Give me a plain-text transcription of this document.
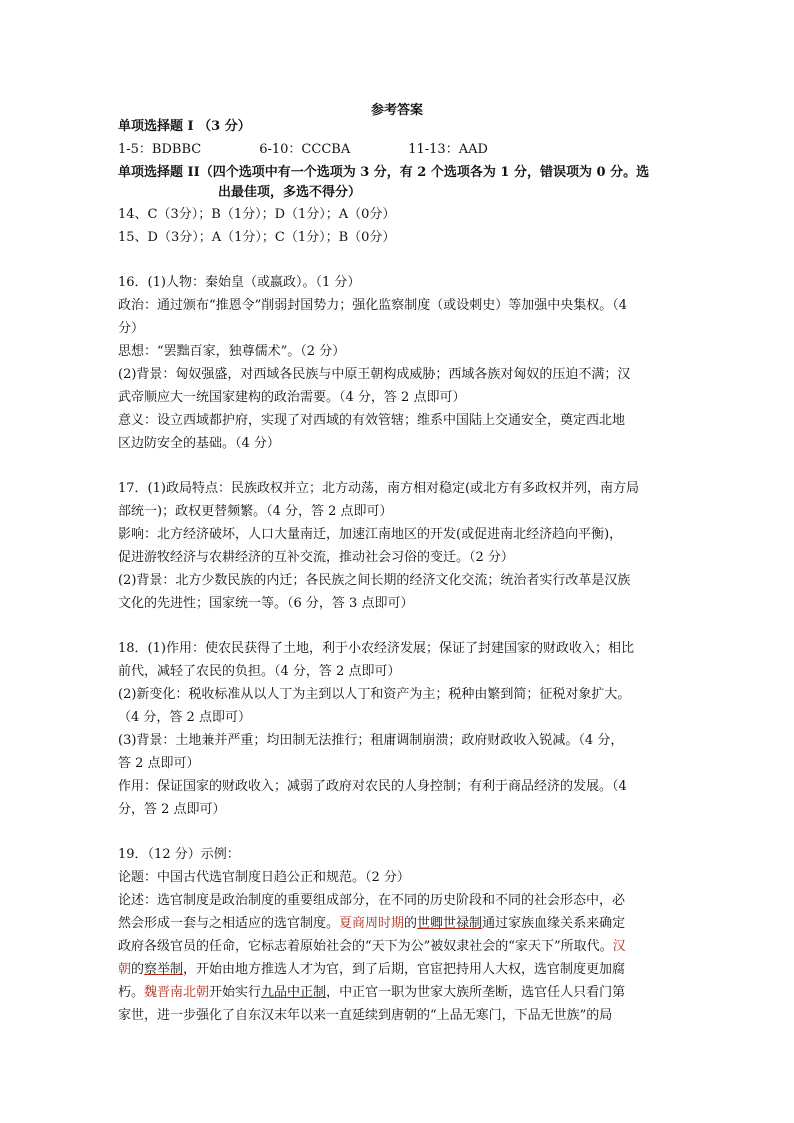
参考答案
单项选择题 I （3 分）
1-5：BDBBC	6-10：CCCBA	11-13：AAD
单项选择题 II（四个选项中有一个选项为 3 分，有 2 个选项各为 1 分，错误项为 0 分。选
出最佳项，多选不得分）
14、C（3分）；B（1分）；D（1分）；A（0分）
15、D（3分）；A（1分）；C（1分）；B（0分）
16．(1)人物：秦始皇（或嬴政）。（1 分）
政治：通过颁布“推恩令”削弱封国势力；强化监察制度（或设刺史）等加强中央集权。（4
分）
思想：“罢黜百家，独尊儒术”。（2 分）
(2)背景：匈奴强盛，对西域各民族与中原王朝构成威胁；西域各族对匈奴的压迫不满；汉
武帝顺应大一统国家建构的政治需要。（4 分，答 2 点即可）
意义：设立西域都护府，实现了对西域的有效管辖；维系中国陆上交通安全，奠定西北地
区边防安全的基础。（4 分）
17．(1)政局特点：民族政权并立；北方动荡，南方相对稳定(或北方有多政权并列，南方局
部统一)；政权更替频繁。（4 分，答 2 点即可）
影响：北方经济破坏，人口大量南迁，加速江南地区的开发(或促进南北经济趋向平衡)，
促进游牧经济与农耕经济的互补交流，推动社会习俗的变迁。（2 分）
(2)背景：北方少数民族的内迁；各民族之间长期的经济文化交流；统治者实行改革是汉族
文化的先进性；国家统一等。（6 分，答 3 点即可）
18．(1)作用：使农民获得了土地，利于小农经济发展；保证了封建国家的财政收入；相比
前代，减轻了农民的负担。（4 分，答 2 点即可）
(2)新变化：税收标准从以人丁为主到以人丁和资产为主；税种由繁到简；征税对象扩大。
（4 分，答 2 点即可）
(3)背景：土地兼并严重；均田制无法推行；租庸调制崩溃；政府财政收入锐减。（4 分，
答 2 点即可）
作用：保证国家的财政收入；减弱了政府对农民的人身控制；有利于商品经济的发展。（4
分，答 2 点即可）
19．（12 分）示例：
论题：中国古代选官制度日趋公正和规范。（2 分）
论述：选官制度是政治制度的重要组成部分，在不同的历史阶段和不同的社会形态中，必
然会形成一套与之相适应的选官制度。夏商周时期的世卿世禄制通过家族血缘关系来确定
政府各级官员的任命，它标志着原始社会的“天下为公”被奴隶社会的“家天下”所取代。汉
朝的察举制，开始由地方推选人才为官，到了后期，官宦把持用人大权，选官制度更加腐
朽。魏晋南北朝开始实行九品中正制，中正官一职为世家大族所垄断，选官任人只看门第
家世，进一步强化了自东汉末年以来一直延续到唐朝的“上品无寒门，下品无世族”的局
